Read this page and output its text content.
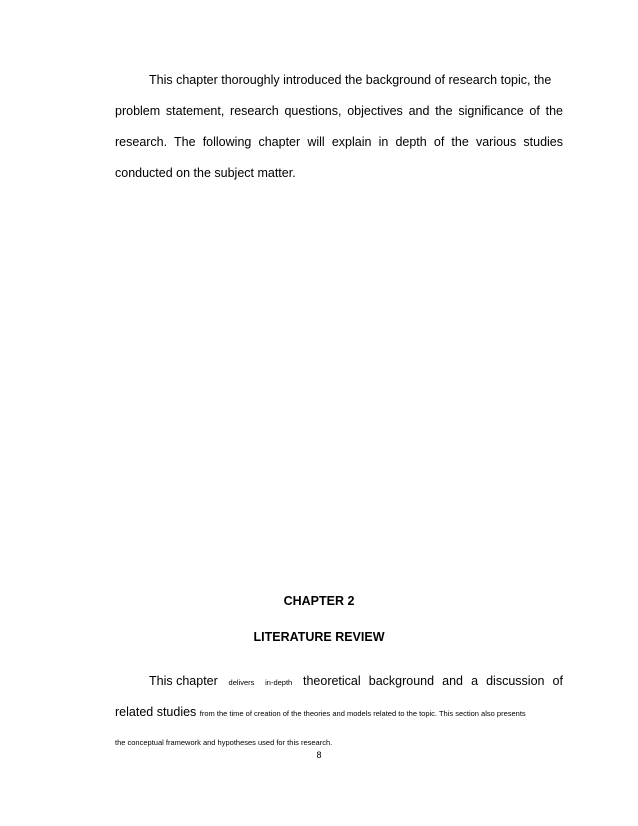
This chapter thoroughly introduced the background of research topic, the
problem statement, research questions, objectives and the significance of the
research. The following chapter will explain in depth of the various studies
conducted on the subject matter.
CHAPTER 2
LITERATURE REVIEW
This chapter delivers in-depth theoretical background and a discussion of
related studies from the time of creation of the theories and models related to the topic. This section also presents
the conceptual framework and hypotheses used for this research.
8
